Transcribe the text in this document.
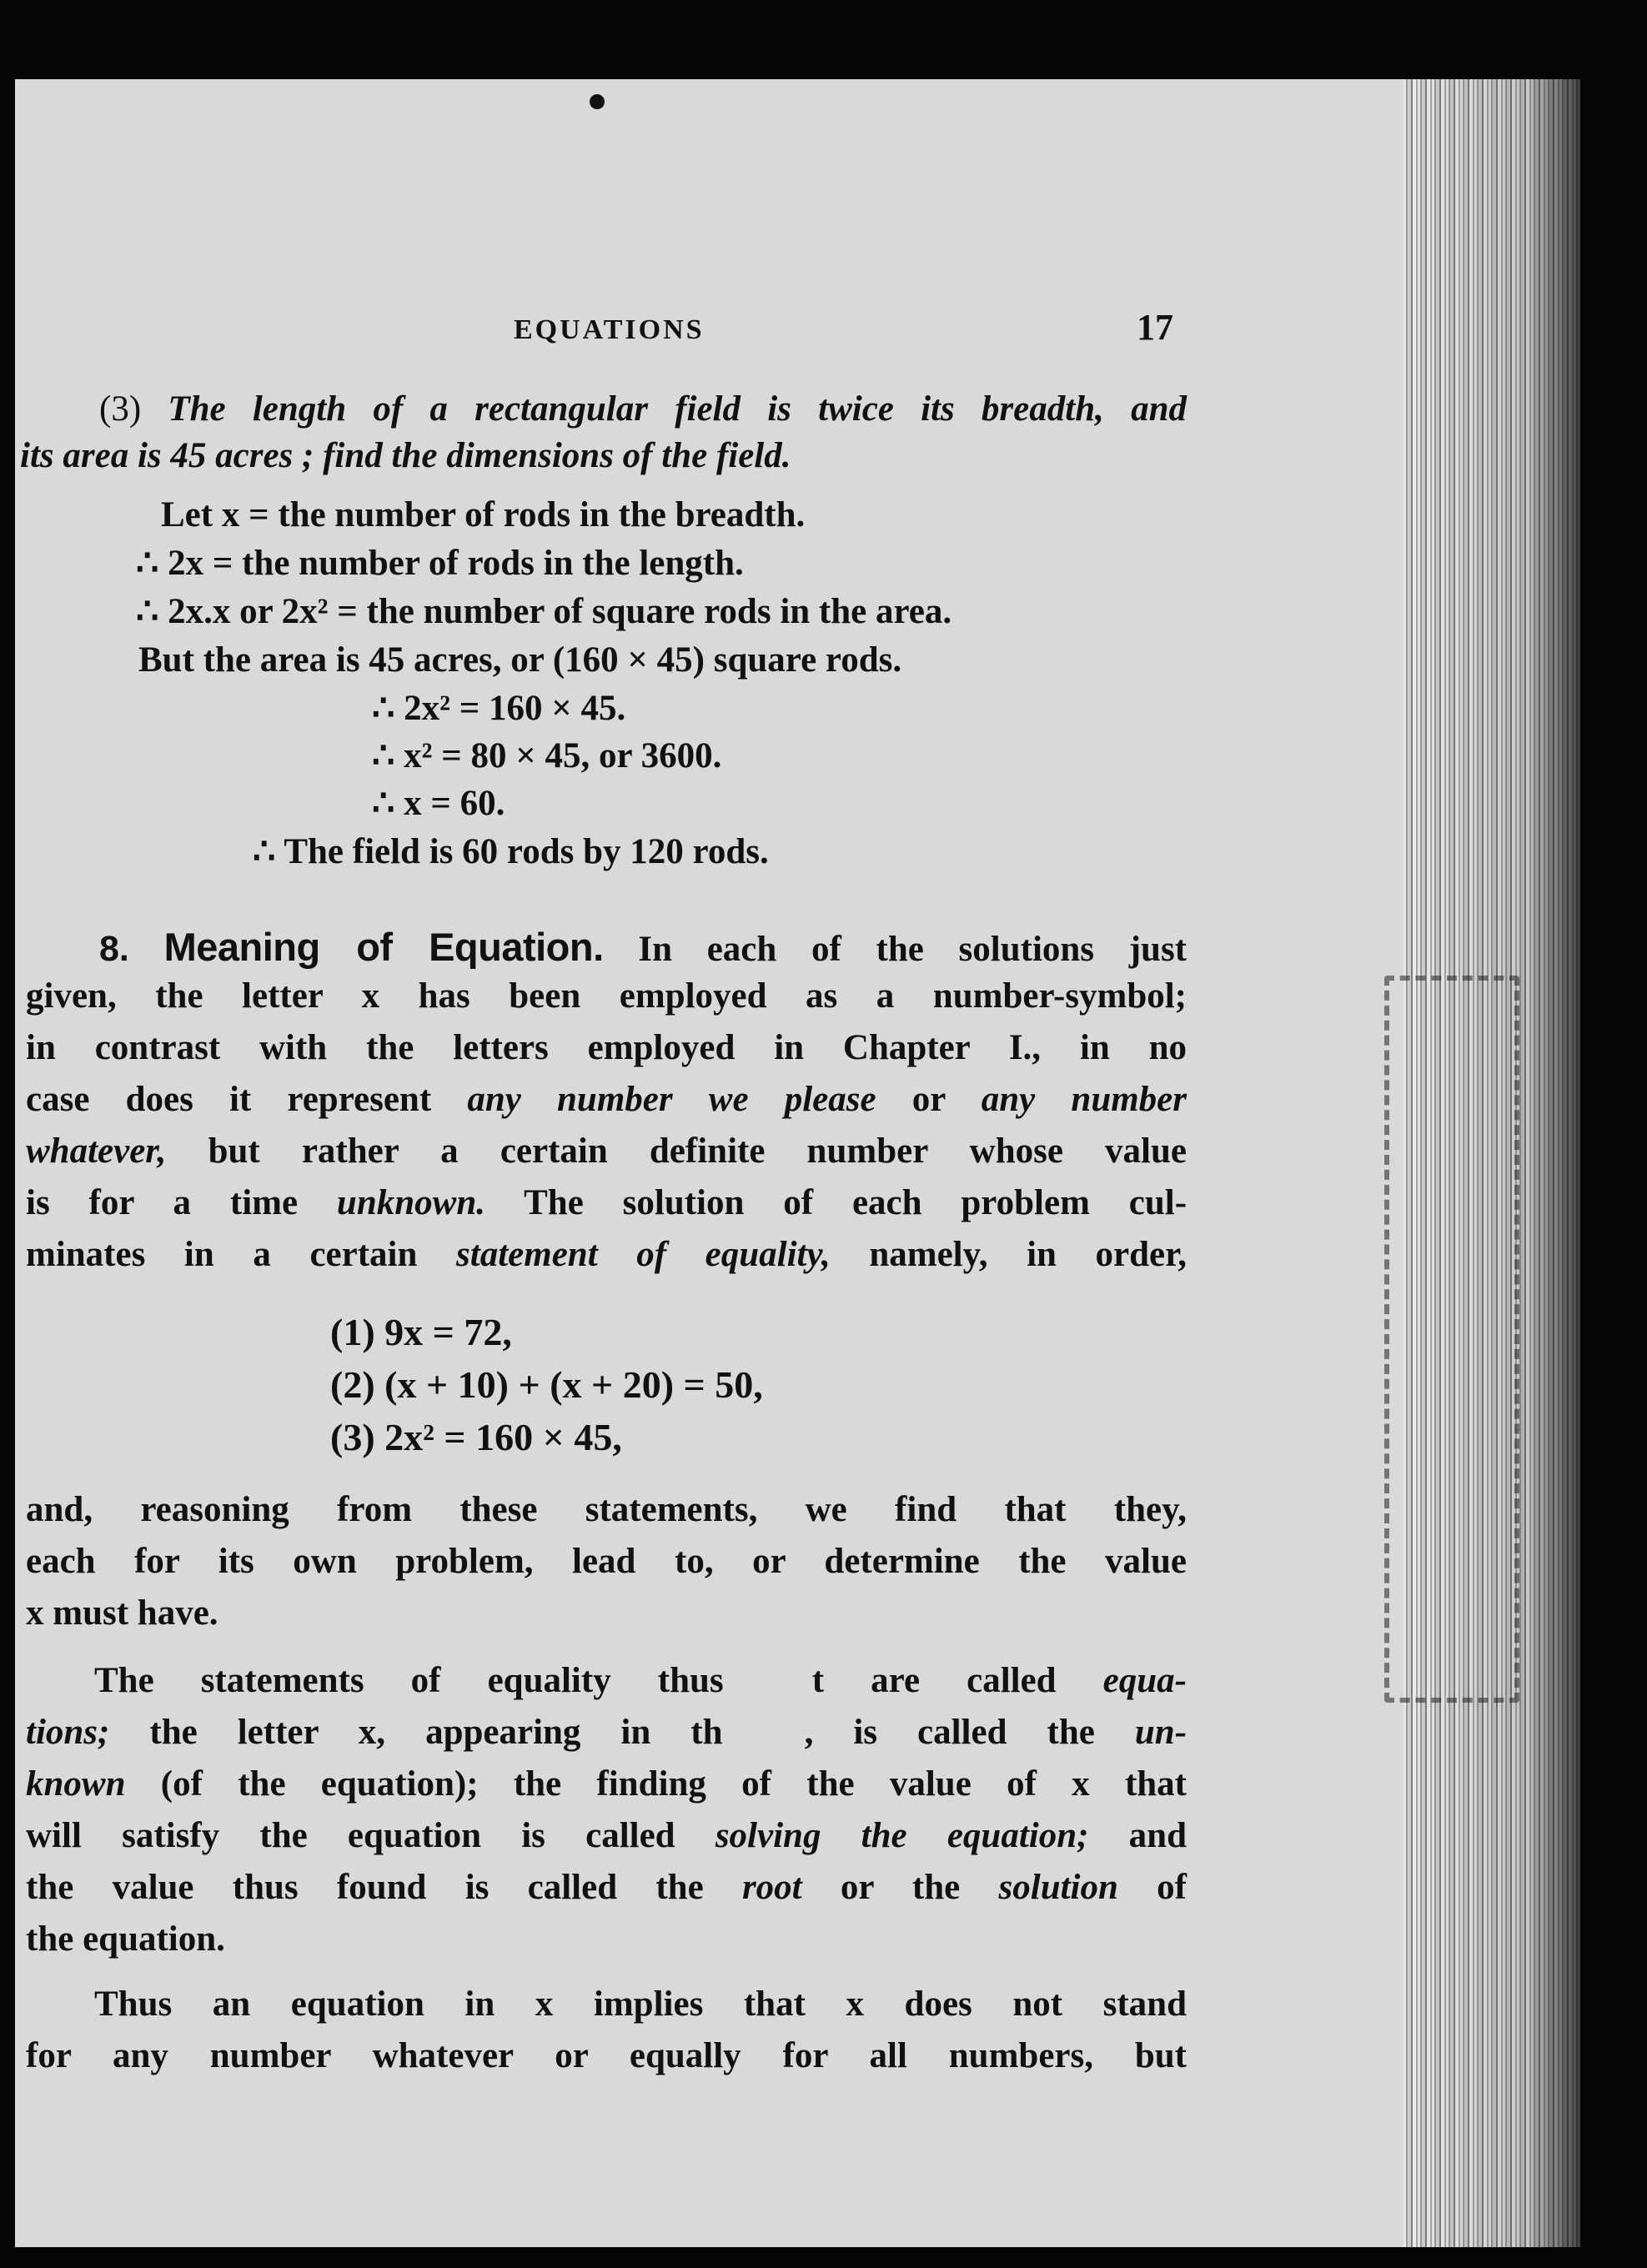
EQUATIONS	17
(3) The length of a rectangular field is twice its breadth, and
its area is 45 acres ; find the dimensions of the field.
Let x = the number of rods in the breadth.
∴ 2x = the number of rods in the length.
∴ 2x.x or 2x² = the number of square rods in the area.
But the area is 45 acres, or (160 × 45) square rods.
∴ 2x² = 160 × 45.
∴ x² = 80 × 45, or 3600.
∴ x = 60.
∴ The field is 60 rods by 120 rods.
8. Meaning of Equation. In each of the solutions just
given, the letter x has been employed as a number-symbol;
in contrast with the letters employed in Chapter I., in no
case does it represent any number we please or any number
whatever, but rather a certain definite number whose value
is for a time unknown. The solution of each problem cul-
minates in a certain statement of equality, namely, in order,
(1) 9x = 72,
(2) (x + 10) + (x + 20) = 50,
(3) 2x² = 160 × 45,
and, reasoning from these statements, we find that they,
each for its own problem, lead to, or determine the value
x must have.
The statements of equality thus t are called equa-
tions; the letter x, appearing in th , is called the un-
known (of the equation); the finding of the value of x that
will satisfy the equation is called solving the equation; and
the value thus found is called the root or the solution of
the equation.
Thus an equation in x implies that x does not stand
for any number whatever or equally for all numbers, but
